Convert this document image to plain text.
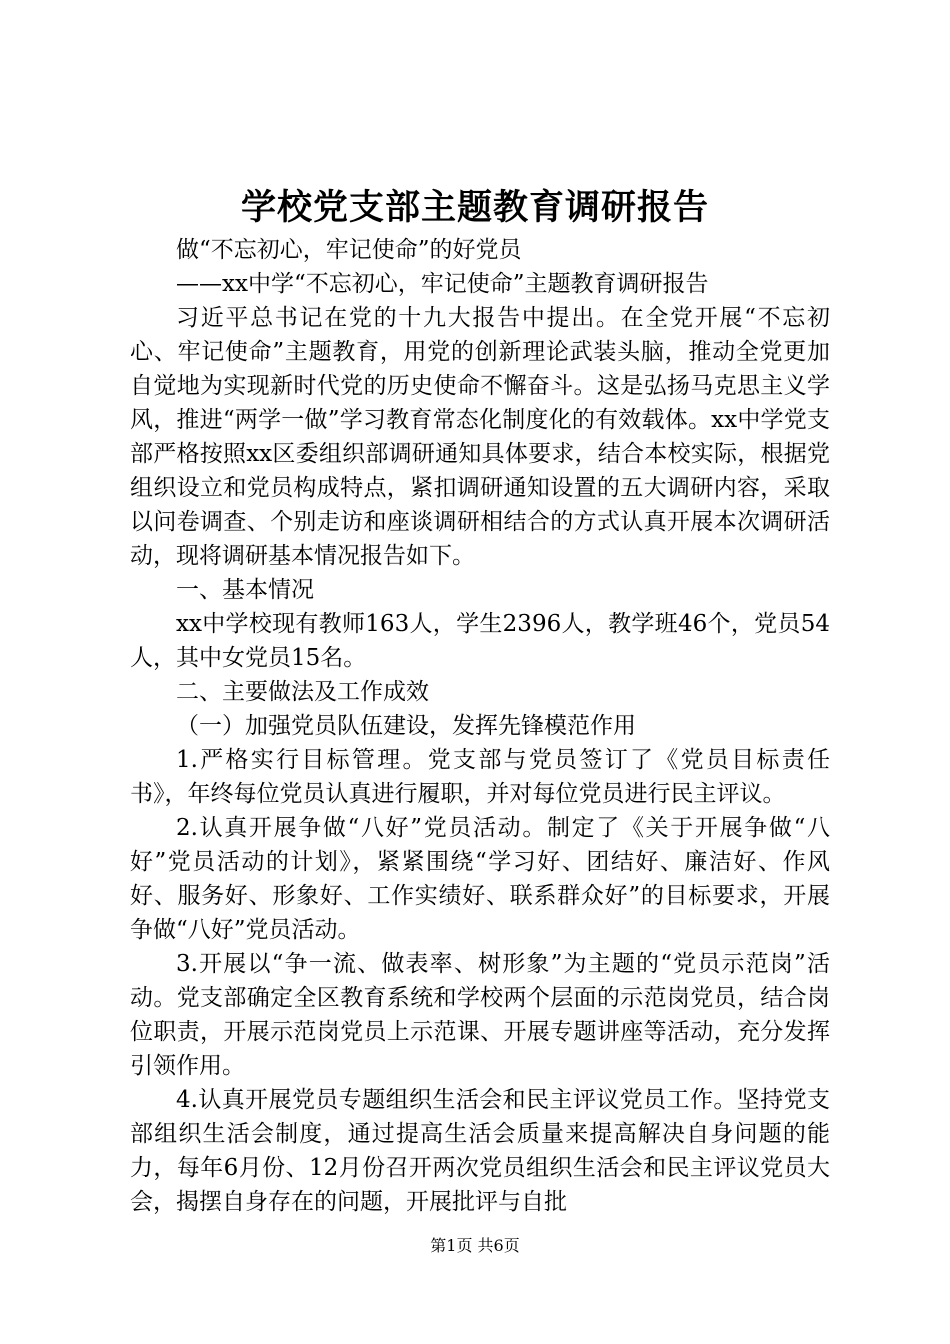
学校党支部主题教育调研报告

做“不忘初心，牢记使命”的好党员

——xx中学“不忘初心，牢记使命”主题教育调研报告

习近平总书记在党的十九大报告中提出。在全党开展“不忘初心、牢记使命”主题教育，用党的创新理论武装头脑，推动全党更加自觉地为实现新时代党的历史使命不懈奋斗。这是弘扬马克思主义学风，推进“两学一做”学习教育常态化制度化的有效载体。xx中学党支部严格按照xx区委组织部调研通知具体要求，结合本校实际，根据党组织设立和党员构成特点，紧扣调研通知设置的五大调研内容，采取以问卷调查、个别走访和座谈调研相结合的方式认真开展本次调研活动，现将调研基本情况报告如下。

一、基本情况

xx中学校现有教师163人，学生2396人，教学班46个，党员54人，其中女党员15名。

二、主要做法及工作成效

（一）加强党员队伍建设，发挥先锋模范作用

1.严格实行目标管理。党支部与党员签订了《党员目标责任书》，年终每位党员认真进行履职，并对每位党员进行民主评议。

2.认真开展争做“八好”党员活动。制定了《关于开展争做“八好”党员活动的计划》，紧紧围绕“学习好、团结好、廉洁好、作风好、服务好、形象好、工作实绩好、联系群众好”的目标要求，开展争做“八好”党员活动。

3.开展以“争一流、做表率、树形象”为主题的“党员示范岗”活动。党支部确定全区教育系统和学校两个层面的示范岗党员，结合岗位职责，开展示范岗党员上示范课、开展专题讲座等活动，充分发挥引领作用。

4.认真开展党员专题组织生活会和民主评议党员工作。坚持党支部组织生活会制度，通过提高生活会质量来提高解决自身问题的能力，每年6月份、12月份召开两次党员组织生活会和民主评议党员大会，揭摆自身存在的问题，开展批评与自批

第1页 共6页
